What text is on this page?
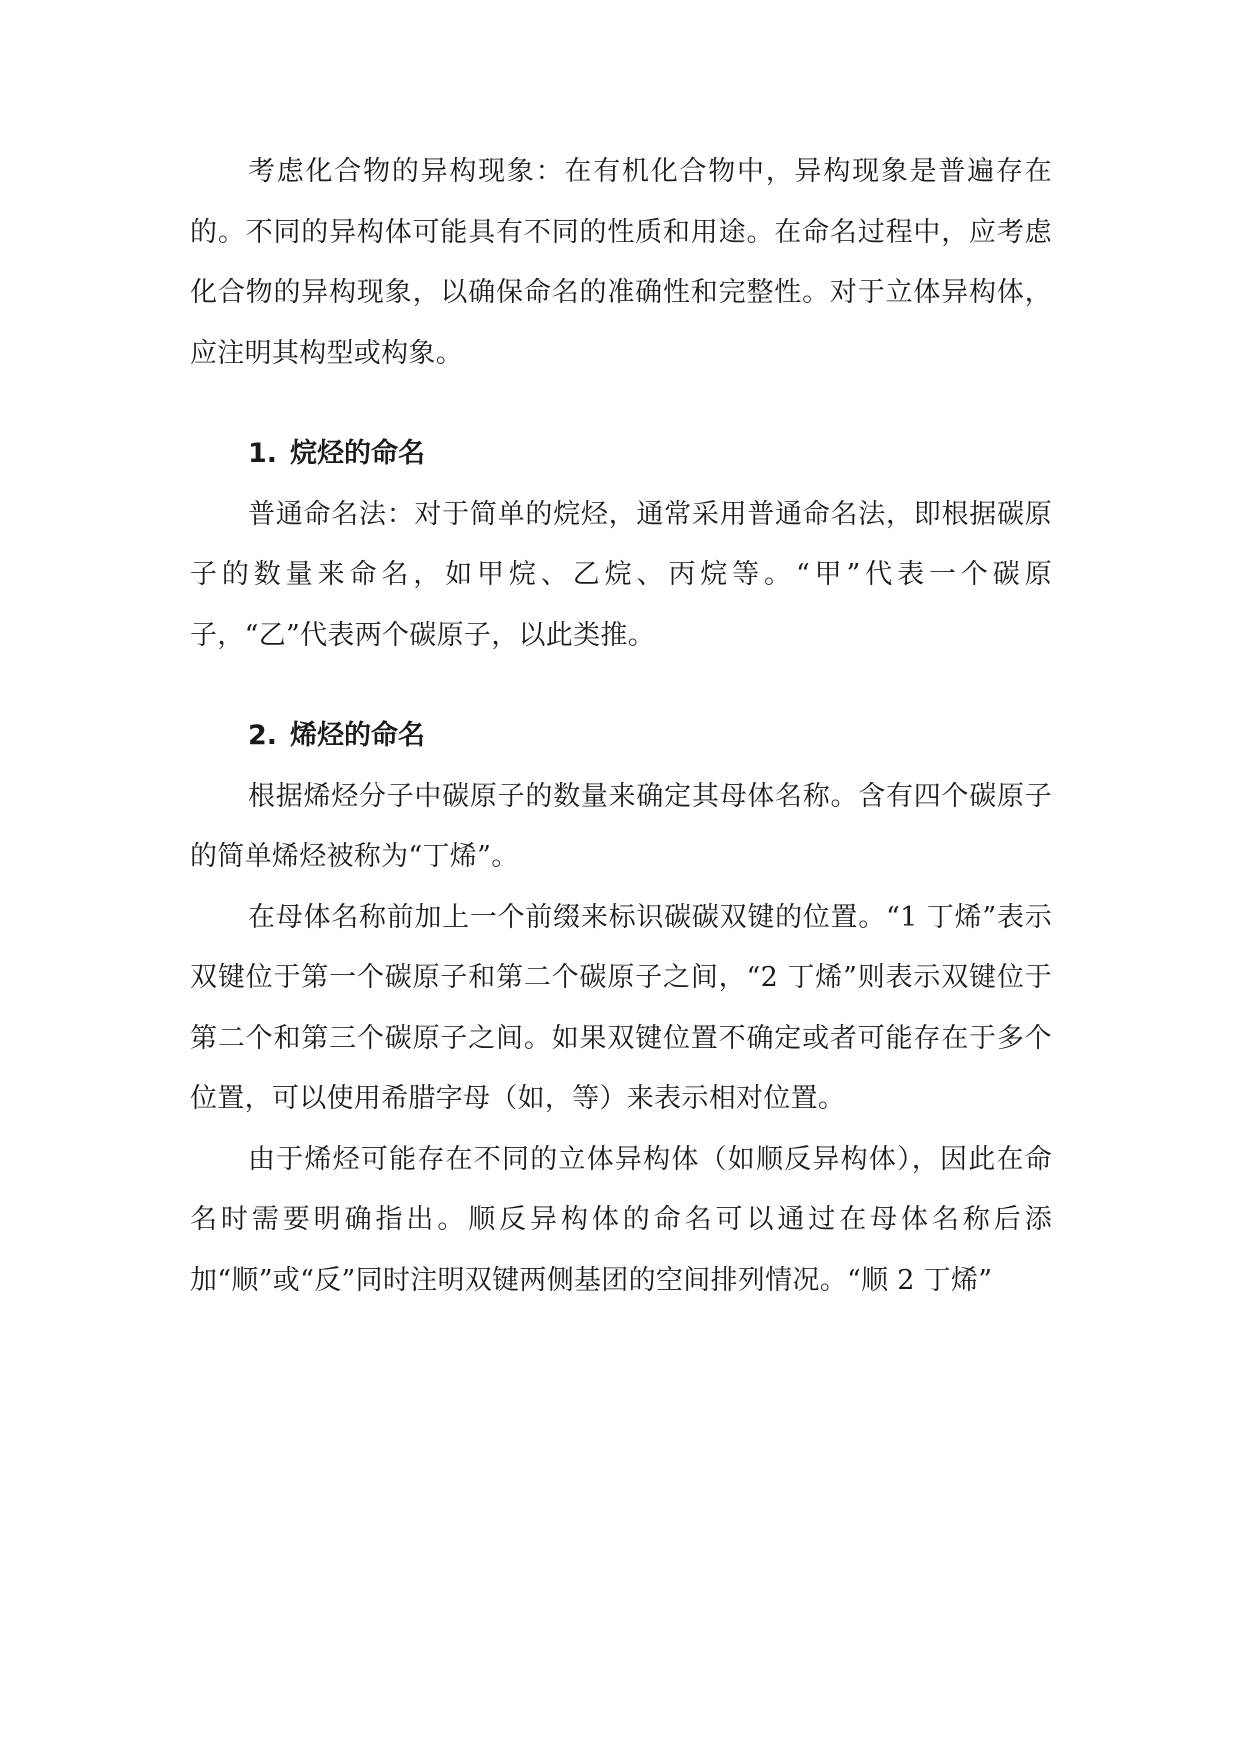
考虑化合物的异构现象：在有机化合物中，异构现象是普遍存在的。不同的异构体可能具有不同的性质和用途。在命名过程中，应考虑化合物的异构现象，以确保命名的准确性和完整性。对于立体异构体，应注明其构型或构象。

1. 烷烃的命名

普通命名法：对于简单的烷烃，通常采用普通命名法，即根据碳原子的数量来命名，如甲烷、乙烷、丙烷等。“甲”代表一个碳原子，“乙”代表两个碳原子，以此类推。

2. 烯烃的命名

根据烯烃分子中碳原子的数量来确定其母体名称。含有四个碳原子的简单烯烃被称为“丁烯”。

在母体名称前加上一个前缀来标识碳碳双键的位置。“1 丁烯”表示双键位于第一个碳原子和第二个碳原子之间，“2 丁烯”则表示双键位于第二个和第三个碳原子之间。如果双键位置不确定或者可能存在于多个位置，可以使用希腊字母（如，等）来表示相对位置。

由于烯烃可能存在不同的立体异构体（如顺反异构体），因此在命名时需要明确指出。顺反异构体的命名可以通过在母体名称后添加“顺”或“反”同时注明双键两侧基团的空间排列情况。“顺 2 丁烯”
